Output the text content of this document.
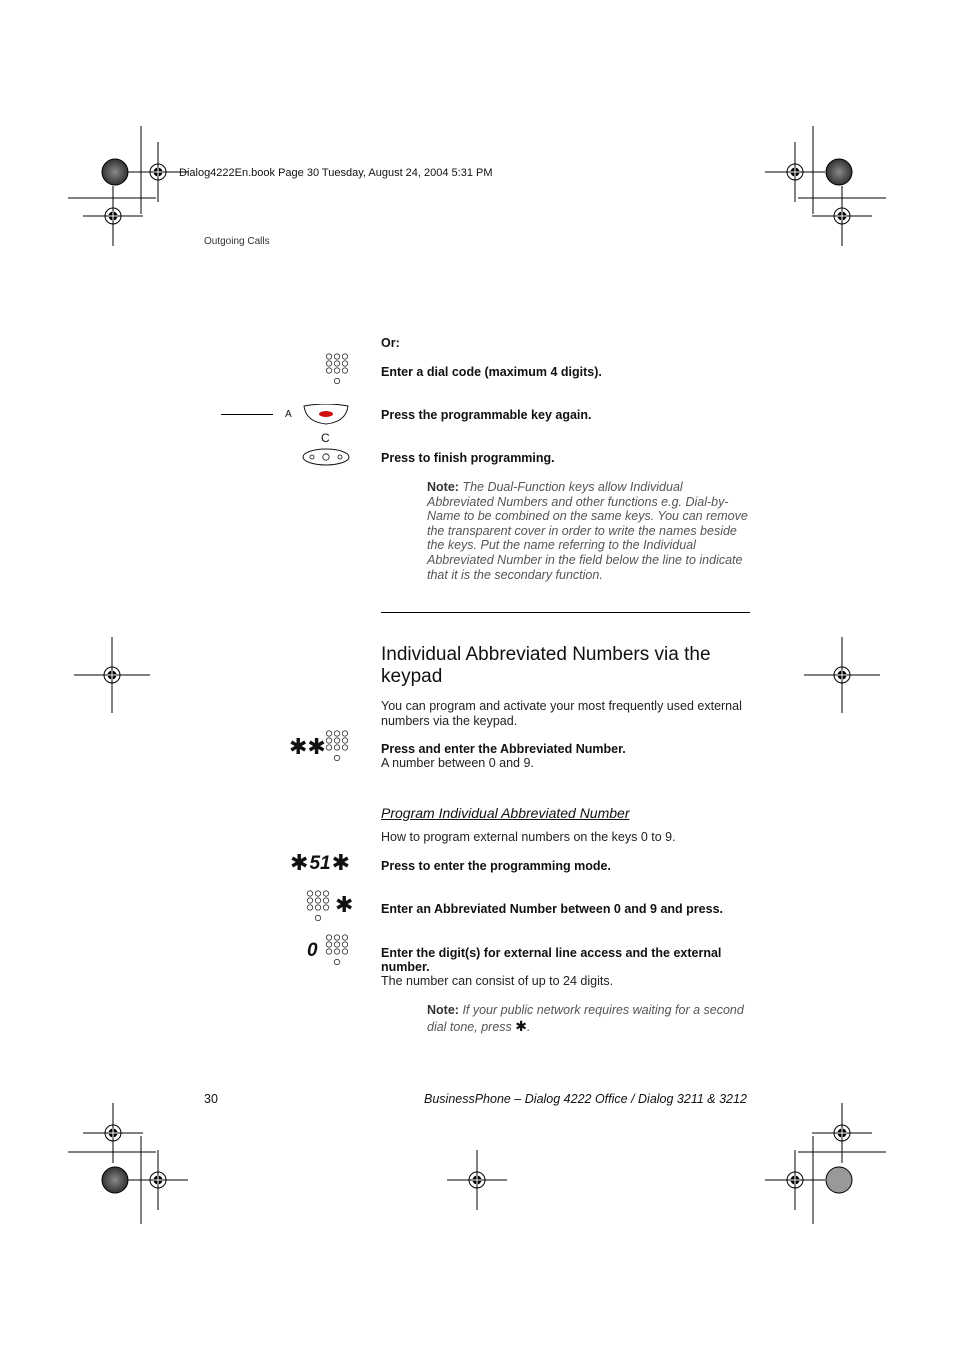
Dialog4222En.book Page 30 Tuesday, August 24, 2004 5:31 PM
Outgoing Calls
Or:
Enter a dial code (maximum 4 digits).
A	Press the programmable key again.
C
Press to finish programming.
Note: The Dual-Function keys allow Individual Abbreviated Numbers and other functions e.g. Dial-by-Name to be combined on the same keys. You can remove the transparent cover in order to write the names beside the keys. Put the name referring to the Individual Abbreviated Number in the field below the line to indicate that it is the secondary function.
Individual Abbreviated Numbers via the keypad
You can program and activate your most frequently used external numbers via the keypad.
✱✱	Press and enter the Abbreviated Number.
A number between 0 and 9.
Program Individual Abbreviated Number
How to program external numbers on the keys 0 to 9.
✱ 51 ✱ Press to enter the programming mode.
✱ Enter an Abbreviated Number between 0 and 9 and press.
0	Enter the digit(s) for external line access and the external number.
The number can consist of up to 24 digits.
Note: If your public network requires waiting for a second dial tone, press ✱.
30	BusinessPhone – Dialog 4222 Office / Dialog 3211 & 3212
